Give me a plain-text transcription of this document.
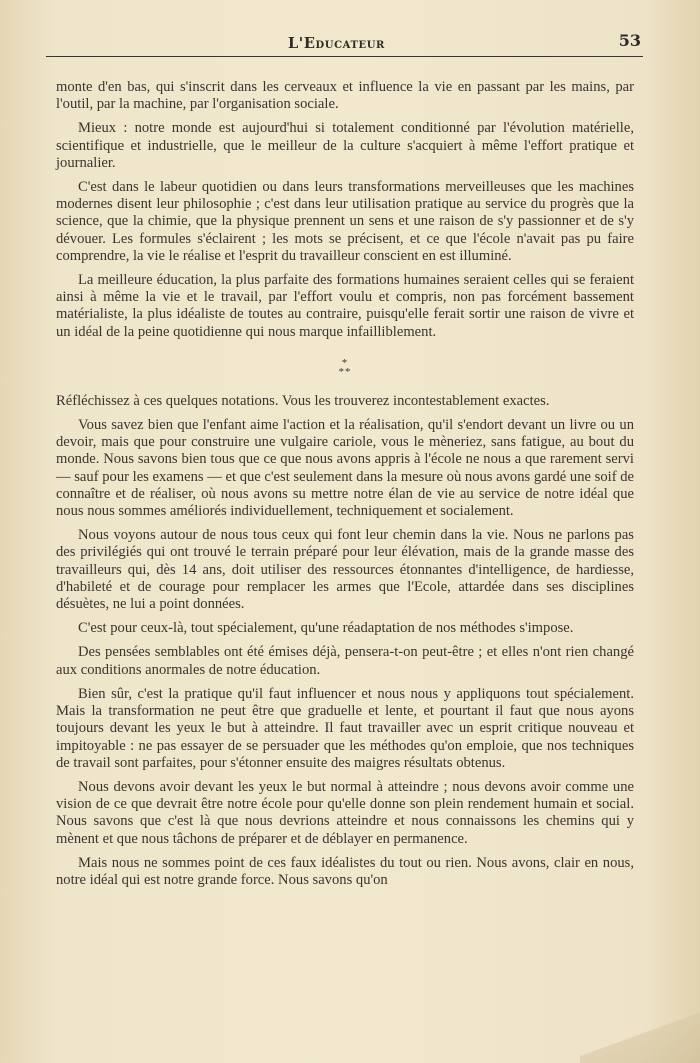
L'Educateur	53

monte d'en bas, qui s'inscrit dans les cerveaux et influence la vie en passant par les mains, par l'outil, par la machine, par l'organisation sociale.

Mieux : notre monde est aujourd'hui si totalement conditionné par l'évolution matérielle, scientifique et industrielle, que le meilleur de la culture s'acquiert à même l'effort pratique et journalier.

C'est dans le labeur quotidien ou dans leurs transformations merveilleuses que les machines modernes disent leur philosophie ; c'est dans leur utilisation pratique au service du progrès que la science, que la chimie, que la physique prennent un sens et une raison de s'y passionner et de s'y dévouer. Les formules s'éclairent ; les mots se précisent, et ce que l'école n'avait pas pu faire comprendre, la vie le réalise et l'esprit du travailleur conscient en est illuminé.

La meilleure éducation, la plus parfaite des formations humaines seraient celles qui se feraient ainsi à même la vie et le travail, par l'effort voulu et compris, non pas forcément bassement matérialiste, la plus idéaliste de toutes au contraire, puisqu'elle ferait sortir une raison de vivre et un idéal de la peine quotidienne qui nous marque infailliblement.

*
**

Réfléchissez à ces quelques notations. Vous les trouverez incontestablement exactes.

Vous savez bien que l'enfant aime l'action et la réalisation, qu'il s'endort devant un livre ou un devoir, mais que pour construire une vulgaire cariole, vous le mèneriez, sans fatigue, au bout du monde. Nous savons bien tous que ce que nous avons appris à l'école ne nous a que rarement servi — sauf pour les examens — et que c'est seulement dans la mesure où nous avons gardé une soif de connaître et de réaliser, où nous avons su mettre notre élan de vie au service de notre idéal que nous nous sommes améliorés individuellement, techniquement et socialement.

Nous voyons autour de nous tous ceux qui font leur chemin dans la vie. Nous ne parlons pas des privilégiés qui ont trouvé le terrain préparé pour leur élévation, mais de la grande masse des travailleurs qui, dès 14 ans, doit utiliser des ressources étonnantes d'intelligence, de hardiesse, d'habileté et de courage pour remplacer les armes que l'Ecole, attardée dans ses disciplines désuètes, ne lui a point données.

C'est pour ceux-là, tout spécialement, qu'une réadaptation de nos méthodes s'impose.

Des pensées semblables ont été émises déjà, pensera-t-on peut-être ; et elles n'ont rien changé aux conditions anormales de notre éducation.

Bien sûr, c'est la pratique qu'il faut influencer et nous nous y appliquons tout spécialement. Mais la transformation ne peut être que graduelle et lente, et pourtant il faut que nous ayons toujours devant les yeux le but à atteindre. Il faut travailler avec un esprit critique nouveau et impitoyable : ne pas essayer de se persuader que les méthodes qu'on emploie, que nos techniques de travail sont parfaites, pour s'étonner ensuite des maigres résultats obtenus.

Nous devons avoir devant les yeux le but normal à atteindre ; nous devons avoir comme une vision de ce que devrait être notre école pour qu'elle donne son plein rendement humain et social. Nous savons que c'est là que nous devrions atteindre et nous connaissons les chemins qui y mènent et que nous tâchons de préparer et de déblayer en permanence.

Mais nous ne sommes point de ces faux idéalistes du tout ou rien. Nous avons, clair en nous, notre idéal qui est notre grande force. Nous savons qu'on
